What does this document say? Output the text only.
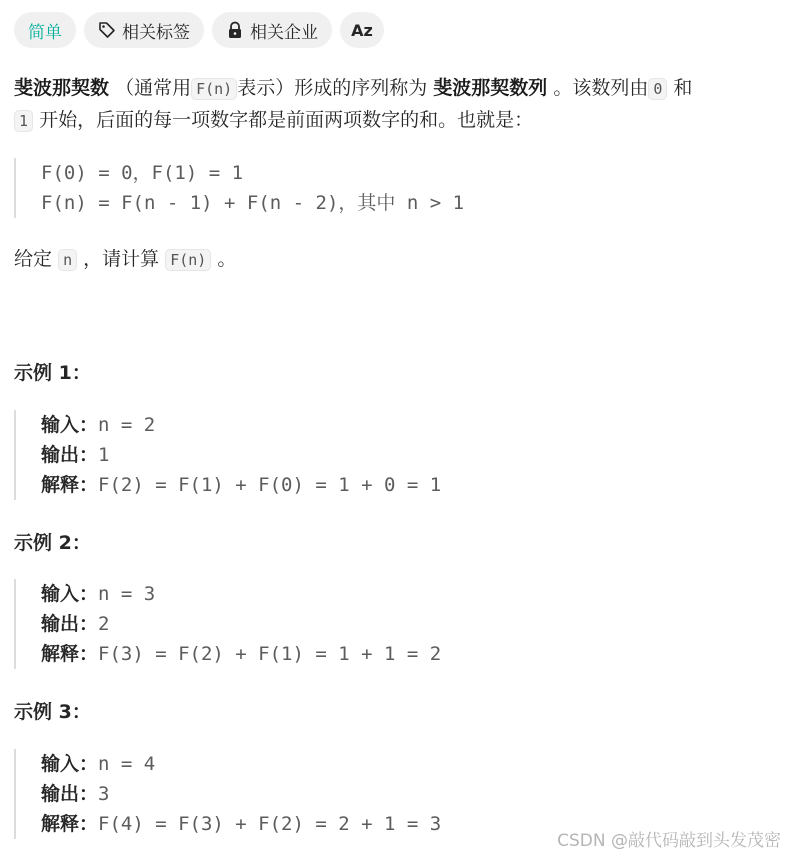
简单	相关标签	相关企业 Aᴢ
斐波那契数 （通常用 F(n) 表示）形成的序列称为 斐波那契数列 。该数列由 0 和
1 开始，后面的每一项数字都是前面两项数字的和。也就是：
F(0) = 0，F(1) = 1
F(n) = F(n - 1) + F(n - 2)，其中 n > 1
给定 n ，请计算 F(n) 。
示例 1：
输入：n = 2
输出：1
解释：F(2) = F(1) + F(0) = 1 + 0 = 1
示例 2：
输入：n = 3
输出：2
解释：F(3) = F(2) + F(1) = 1 + 1 = 2
示例 3：
输入：n = 4
输出：3
解释：F(4) = F(3) + F(2) = 2 + 1 = 3
CSDN @敲代码敲到头发茂密
